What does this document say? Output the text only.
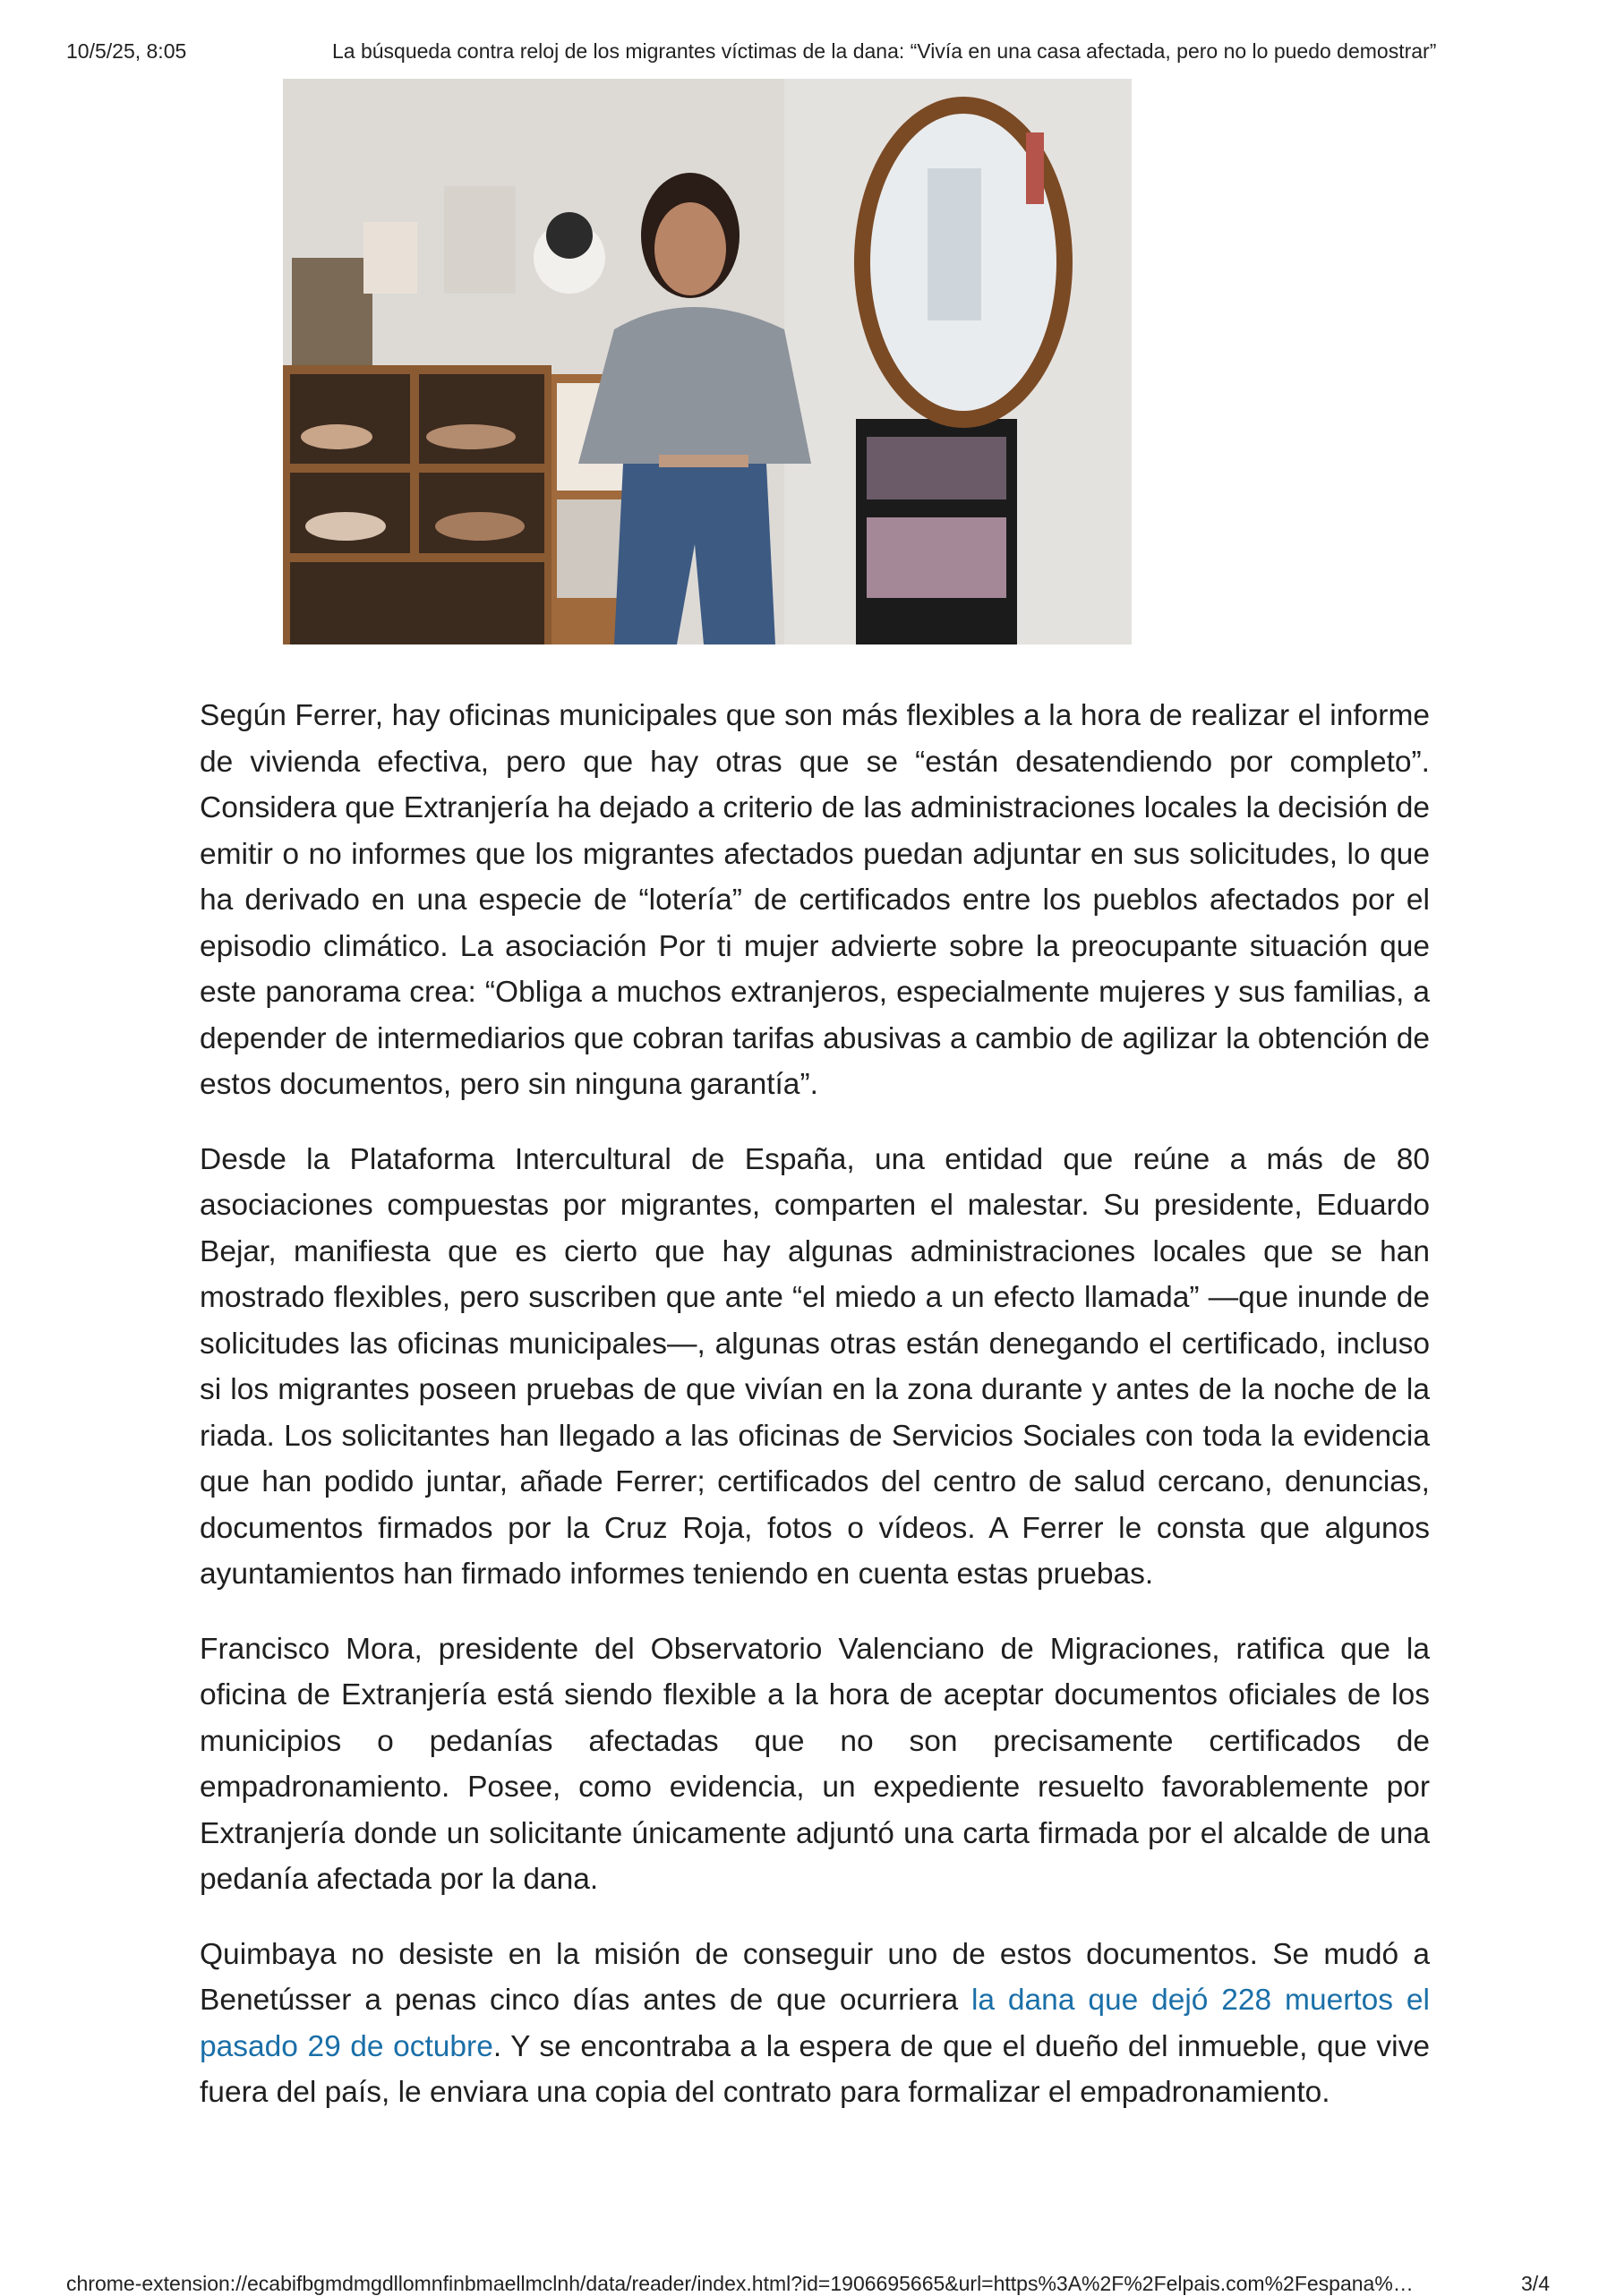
10/5/25, 8:05	La búsqueda contra reloj de los migrantes víctimas de la dana: “Vivía en una casa afectada, pero no lo puedo demostrar”

Según Ferrer, hay oficinas municipales que son más flexibles a la hora de realizar el informe de vivienda efectiva, pero que hay otras que se “están desatendiendo por completo”. Considera que Extranjería ha dejado a criterio de las administraciones locales la decisión de emitir o no informes que los migrantes afectados puedan adjuntar en sus solicitudes, lo que ha derivado en una especie de “lotería” de certificados entre los pueblos afectados por el episodio climático. La asociación Por ti mujer advierte sobre la preocupante situación que este panorama crea: “Obliga a muchos extranjeros, especialmente mujeres y sus familias, a depender de intermediarios que cobran tarifas abusivas a cambio de agilizar la obtención de estos documentos, pero sin ninguna garantía”.

Desde la Plataforma Intercultural de España, una entidad que reúne a más de 80 asociaciones compuestas por migrantes, comparten el malestar. Su presidente, Eduardo Bejar, manifiesta que es cierto que hay algunas administraciones locales que se han mostrado flexibles, pero suscriben que ante “el miedo a un efecto llamada” —que inunde de solicitudes las oficinas municipales—, algunas otras están denegando el certificado, incluso si los migrantes poseen pruebas de que vivían en la zona durante y antes de la noche de la riada. Los solicitantes han llegado a las oficinas de Servicios Sociales con toda la evidencia que han podido juntar, añade Ferrer; certificados del centro de salud cercano, denuncias, documentos firmados por la Cruz Roja, fotos o vídeos. A Ferrer le consta que algunos ayuntamientos han firmado informes teniendo en cuenta estas pruebas.

Francisco Mora, presidente del Observatorio Valenciano de Migraciones, ratifica que la oficina de Extranjería está siendo flexible a la hora de aceptar documentos oficiales de los municipios o pedanías afectadas que no son precisamente certificados de empadronamiento. Posee, como evidencia, un expediente resuelto favorablemente por Extranjería donde un solicitante únicamente adjuntó una carta firmada por el alcalde de una pedanía afectada por la dana.

Quimbaya no desiste en la misión de conseguir uno de estos documentos. Se mudó a Benetússer a penas cinco días antes de que ocurriera la dana que dejó 228 muertos el pasado 29 de octubre. Y se encontraba a la espera de que el dueño del inmueble, que vive fuera del país, le enviara una copia del contrato para formalizar el empadronamiento.

chrome-extension://ecabifbgmdmgdllomnfinbmaellmclnh/data/reader/index.html?id=1906695665&url=https%3A%2F%2Felpais.com%2Fespana%…	3/4
